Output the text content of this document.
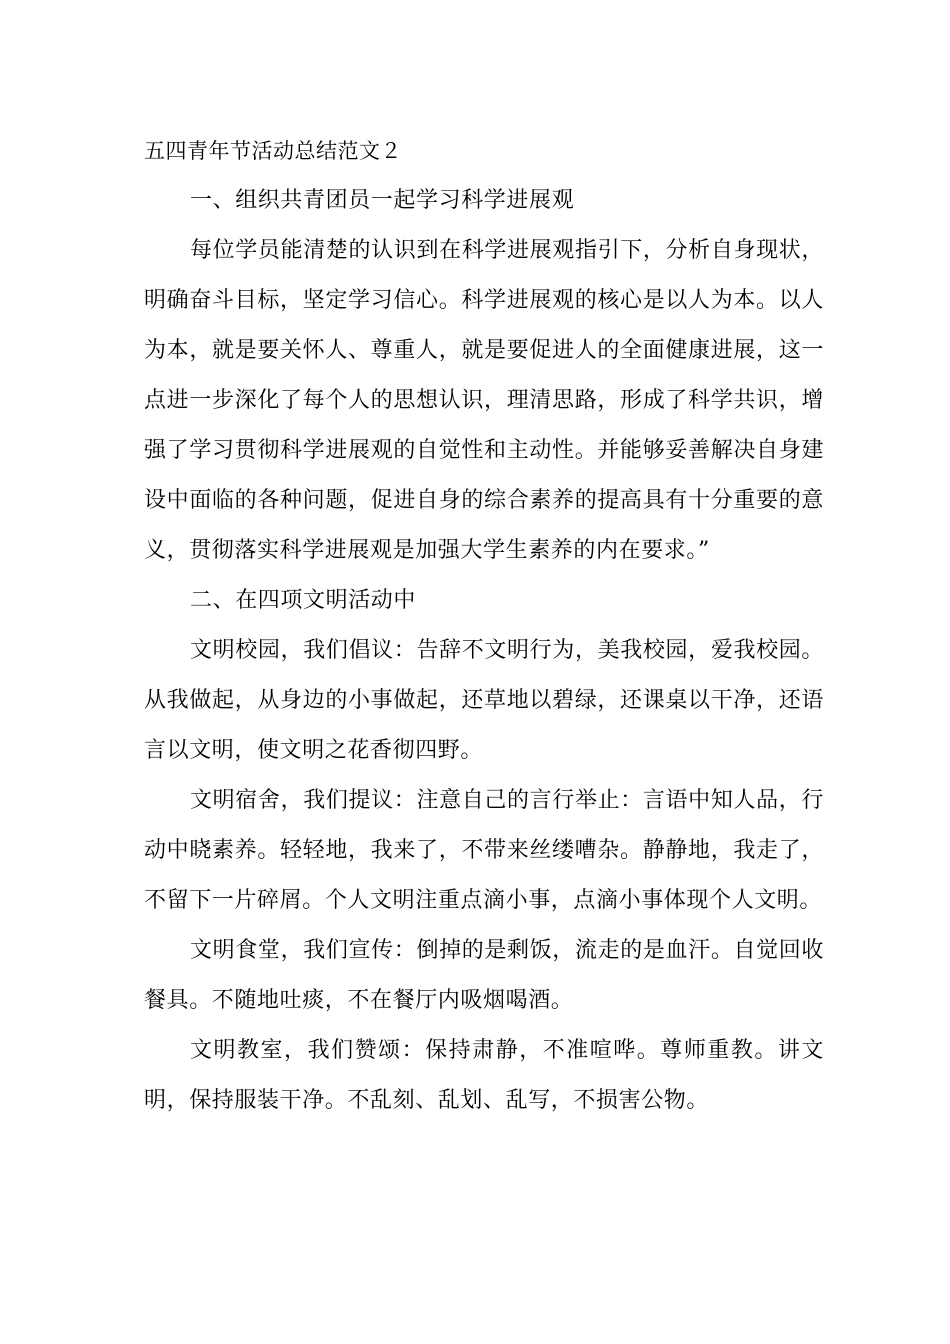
五四青年节活动总结范文２

一、组织共青团员一起学习科学进展观

每位学员能清楚的认识到在科学进展观指引下，分析自身现状，明确奋斗目标，坚定学习信心。科学进展观的核心是以人为本。以人为本，就是要关怀人、尊重人，就是要促进人的全面健康进展，这一点进一步深化了每个人的思想认识，理清思路，形成了科学共识，增强了学习贯彻科学进展观的自觉性和主动性。并能够妥善解决自身建设中面临的各种问题，促进自身的综合素养的提高具有十分重要的意义，贯彻落实科学进展观是加强大学生素养的内在要求。”

二、在四项文明活动中

文明校园，我们倡议：告辞不文明行为，美我校园，爱我校园。从我做起，从身边的小事做起，还草地以碧绿，还课桌以干净，还语言以文明，使文明之花香彻四野。

文明宿舍，我们提议：注意自己的言行举止：言语中知人品，行动中晓素养。轻轻地，我来了，不带来丝缕嘈杂。静静地，我走了，不留下一片碎屑。个人文明注重点滴小事，点滴小事体现个人文明。

文明食堂，我们宣传：倒掉的是剩饭，流走的是血汗。自觉回收餐具。不随地吐痰，不在餐厅内吸烟喝酒。

文明教室，我们赞颂：保持肃静，不准喧哗。尊师重教。讲文明，保持服装干净。不乱刻、乱划、乱写，不损害公物。
